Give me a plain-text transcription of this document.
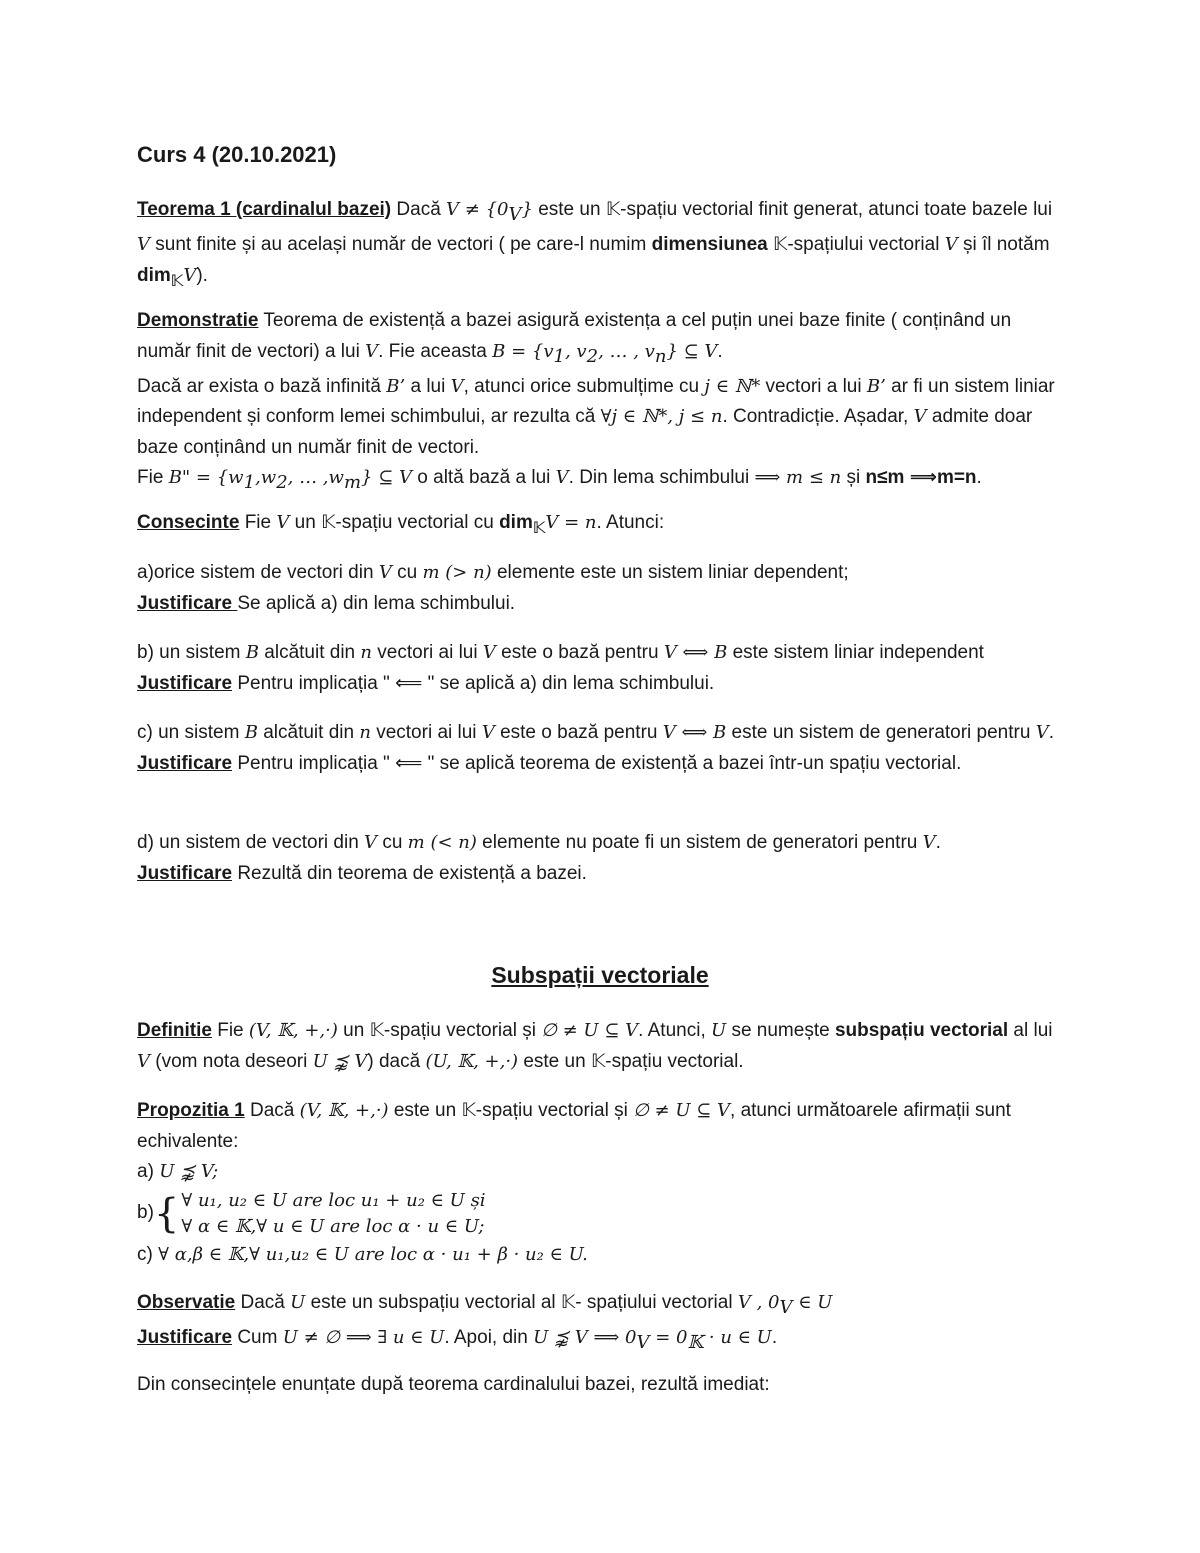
Curs 4 (20.10.2021)

Teorema 1 (cardinalul bazei) Dacă $V \ne \{0_V\}$ este un 𝕂-spațiu vectorial finit generat, atunci toate bazele lui V sunt finite și au același număr de vectori ( pe care-l numim dimensiunea 𝕂-spațiului vectorial V și îl notăm dim$_𝕂$V).

Demonstratie Teorema de existență a bazei asigură existența a cel puțin unei baze finite ( conținând un număr finit de vectori) a lui V. Fie aceasta $B = \{v_1$, $v_2$, … , $v_n$} ⊆ V.
Dacă ar exista o bază infinită B’ a lui V, atunci orice submulțime cu j ∈ ℕ* vectori a lui B’ ar fi un sistem liniar independent și conform lemei schimbului, ar rezulta că ∀j ∈ ℕ*, j ≤ n. Contradicție. Așadar, V admite doar baze conținând un număr finit de vectori.
Fie B" = {$w_1,w_2$, … $,w_m$} ⊆ V o altă bază a lui V. Din lema schimbului ⟹ m ≤ n și n≤m ⟹m=n.

Consecinte Fie V un 𝕂-spațiu vectorial cu dim$_𝕂$V = n. Atunci:

a)orice sistem de vectori din V cu m (> n) elemente este un sistem liniar dependent;
Justificare Se aplică a) din lema schimbului.

b) un sistem B alcătuit din n vectori ai lui V este o bază pentru V ⟺ B este sistem liniar independent
Justificare Pentru implicația " ⟸ " se aplică a) din lema schimbului.

c) un sistem B alcătuit din n vectori ai lui V este o bază pentru V ⟺ B este un sistem de generatori pentru V.
Justificare Pentru implicația " ⟸ " se aplică teorema de existență a bazei într-un spațiu vectorial.

d) un sistem de vectori din V cu m (< n) elemente nu poate fi un sistem de generatori pentru V.
Justificare Rezultă din teorema de existență a bazei.

Subspații vectoriale

Definitie Fie (V, 𝕂, +,·) un 𝕂-spațiu vectorial și ∅ ≠ U ⊆ V. Atunci, U se numește subspațiu vectorial al lui V (vom nota deseori U ⪹ V) dacă (U, 𝕂, +,·) este un 𝕂-spațiu vectorial.

Propozitia 1 Dacă (V, 𝕂, +,·) este un 𝕂-spațiu vectorial și ∅ ≠ U ⊆ V, atunci următoarele afirmații sunt echivalente:
a) U ⪹ V;

b) { ∀ u₁, u₂ ∈ U are loc u₁ + u₂ ∈ U și
∀ α ∈ 𝕂,∀ u ∈ U are loc α · u ∈ U;

c) ∀ α,β ∈ 𝕂,∀ u₁,u₂ ∈ U are loc α · u₁ + β · u₂ ∈ U.

Observatie Dacă U este un subspațiu vectorial al 𝕂- spațiului vectorial V , $0_V$ ∈ U
Justificare Cum U ≠ ∅ ⟹ ∃ u ∈ U. Apoi, din U ⪹ V ⟹ $0_V = 0_𝕂 \cdot u$ ∈ U.

Din consecințele enunțate după teorema cardinalului bazei, rezultă imediat:
